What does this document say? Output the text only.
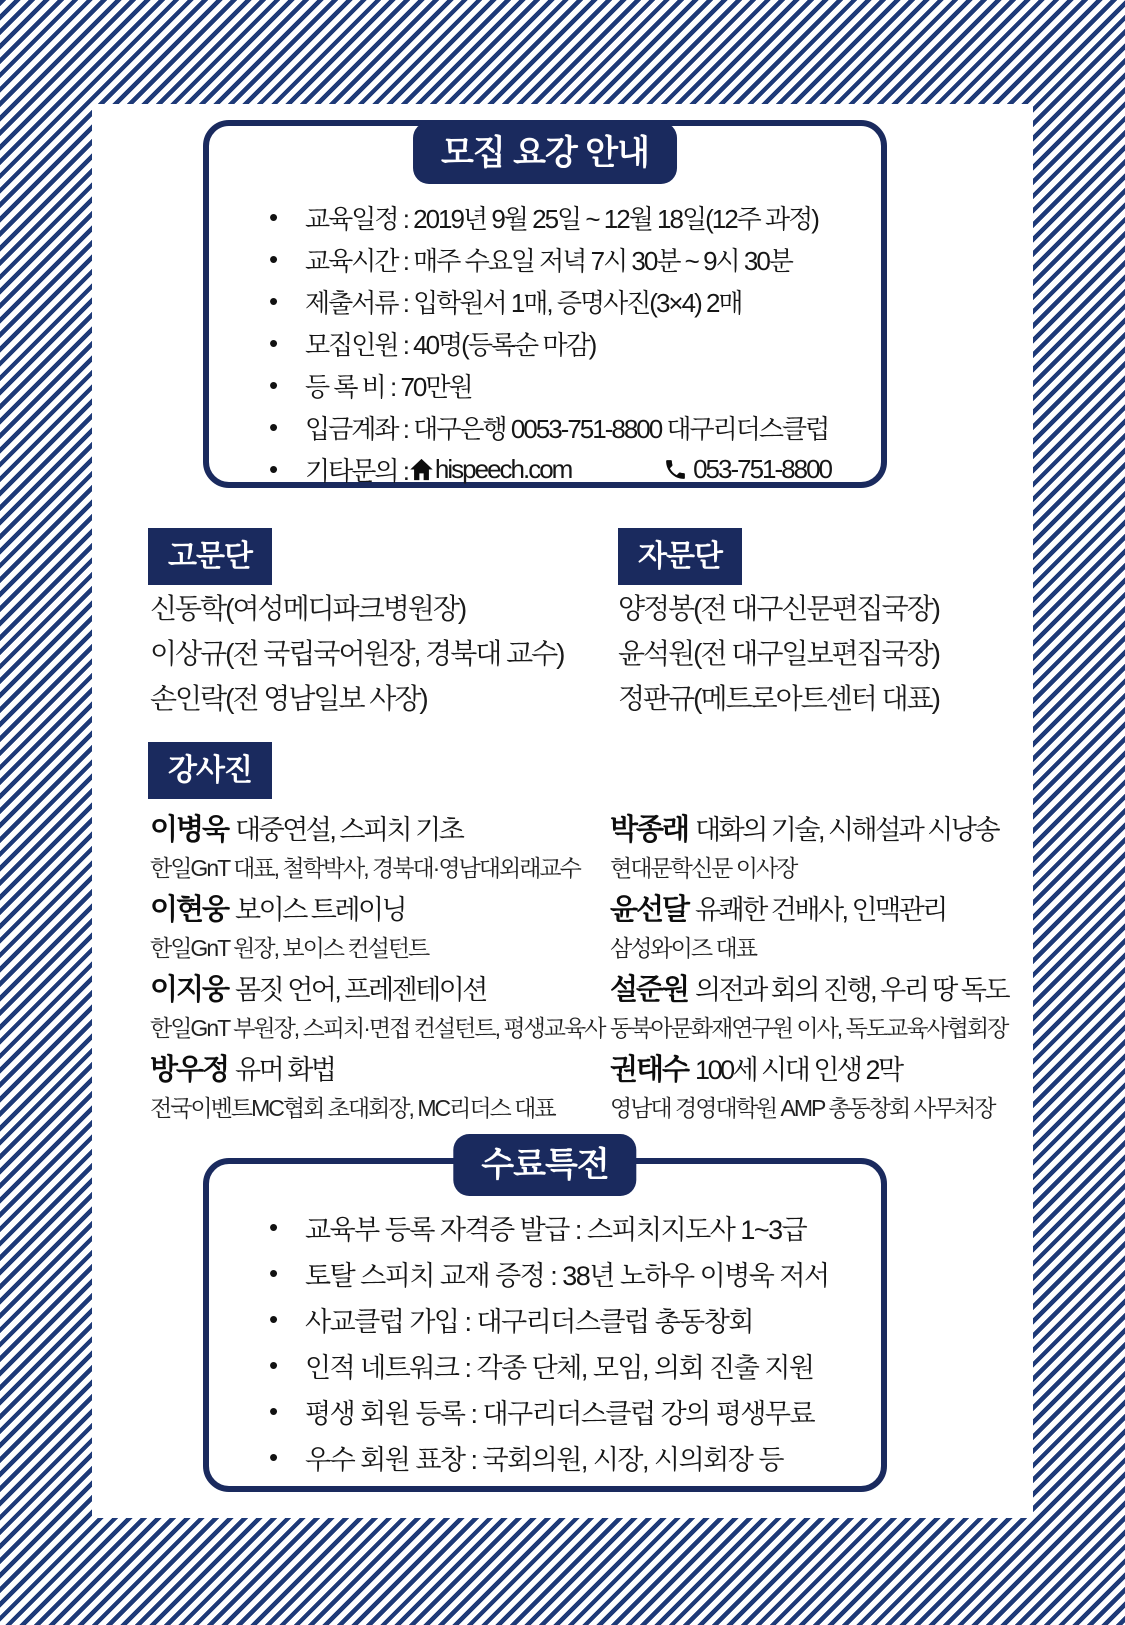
모집 요강 안내
•	교육일정 : 2019년 9월 25일 ~ 12월 18일(12주 과정)
•	교육시간 : 매주 수요일 저녁 7시 30분 ~ 9시 30분
•	제출서류 : 입학원서 1매, 증명사진(3×4) 2매
•	모집인원 : 40명(등록순 마감)
•	등 록 비 : 70만원
•	입금계좌 : 대구은행 0053-751-8800 대구리더스클럽
•	기타문의 : hispeech.com	053-751-8800
고문단	자문단
강사진
신동학(여성메디파크병원장)
이상규(전 국립국어원장, 경북대 교수)
손인락(전 영남일보 사장)
양정봉(전 대구신문편집국장)
윤석원(전 대구일보편집국장)
정판규(메트로아트센터 대표)
이병욱 대중연설, 스피치 기초
한일GnT 대표, 철학박사, 경북대·영남대외래교수
이현웅 보이스 트레이닝
한일GnT 원장, 보이스 컨설턴트
이지웅 몸짓 언어, 프레젠테이션
한일GnT 부원장, 스피치·면접 컨설턴트, 평생교육사
방우정 유머 화법
전국이벤트MC협회 초대회장, MC리더스 대표
박종래 대화의 기술, 시해설과 시낭송
현대문학신문 이사장
윤선달 유쾌한 건배사, 인맥관리
삼성와이즈 대표
설준원 의전과 회의 진행, 우리 땅 독도
동북아문화재연구원 이사, 독도교육사협회장
권태수 100세 시대 인생 2막
영남대 경영대학원 AMP 총동창회 사무처장
수료특전
• 교육부 등록 자격증 발급 : 스피치지도사 1~3급
• 토탈 스피치 교재 증정 : 38년 노하우 이병욱 저서
• 사교클럽 가입 : 대구리더스클럽 총동창회
• 인적 네트워크 : 각종 단체, 모임, 의회 진출 지원
• 평생 회원 등록 : 대구리더스클럽 강의 평생무료
• 우수 회원 표창 : 국회의원, 시장, 시의회장 등
